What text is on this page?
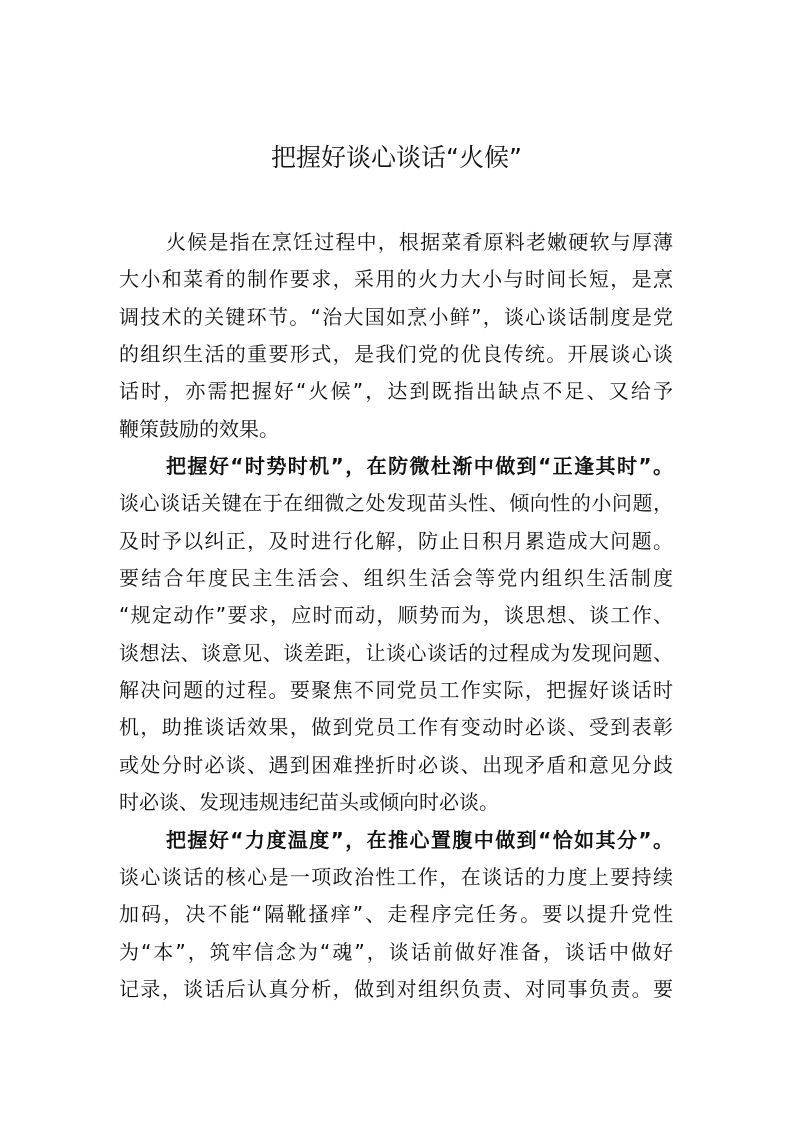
把握好谈心谈话“火候”
火候是指在烹饪过程中，根据菜肴原料老嫩硬软与厚薄
大小和菜肴的制作要求，采用的火力大小与时间长短，是烹
调技术的关键环节。“治大国如烹小鲜”，谈心谈话制度是党
的组织生活的重要形式，是我们党的优良传统。开展谈心谈
话时，亦需把握好“火候”，达到既指出缺点不足、又给予
鞭策鼓励的效果。
把握好“时势时机”，在防微杜渐中做到“正逢其时”。
谈心谈话关键在于在细微之处发现苗头性、倾向性的小问题，
及时予以纠正，及时进行化解，防止日积月累造成大问题。
要结合年度民主生活会、组织生活会等党内组织生活制度
“规定动作”要求，应时而动，顺势而为，谈思想、谈工作、
谈想法、谈意见、谈差距，让谈心谈话的过程成为发现问题、
解决问题的过程。要聚焦不同党员工作实际，把握好谈话时
机，助推谈话效果，做到党员工作有变动时必谈、受到表彰
或处分时必谈、遇到困难挫折时必谈、出现矛盾和意见分歧
时必谈、发现违规违纪苗头或倾向时必谈。
把握好“力度温度”，在推心置腹中做到“恰如其分”。
谈心谈话的核心是一项政治性工作，在谈话的力度上要持续
加码，决不能“隔靴搔痒”、走程序完任务。要以提升党性
为“本”，筑牢信念为“魂”，谈话前做好准备，谈话中做好
记录，谈话后认真分析，做到对组织负责、对同事负责。要
